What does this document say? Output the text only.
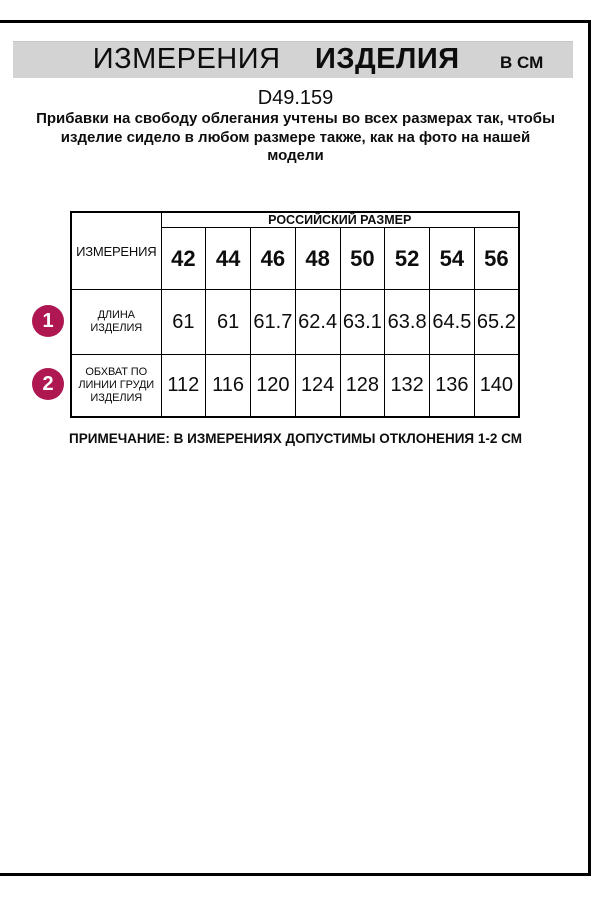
ИЗМЕРЕНИЯ ИЗДЕЛИЯ В СМ
D49.159
Прибавки на свободу облегания учтены во всех размерах так, чтобы
изделие сидело в любом размере также, как на фото на нашей
модели
ИЗМЕРЕНИЯ	РОССИЙСКИЙ РАЗМЕР							
	42	44	46	48	50	52	54	56
ДЛИНА ИЗДЕЛИЯ	61	61	61.7	62.4	63.1	63.8	64.5	65.2
ОБХВАТ ПО ЛИНИИ ГРУДИ ИЗДЕЛИЯ	112	116	120	124	128	132	136	140
1
2
ПРИМЕЧАНИЕ: В ИЗМЕРЕНИЯХ ДОПУСТИМЫ ОТКЛОНЕНИЯ 1-2 СМ
